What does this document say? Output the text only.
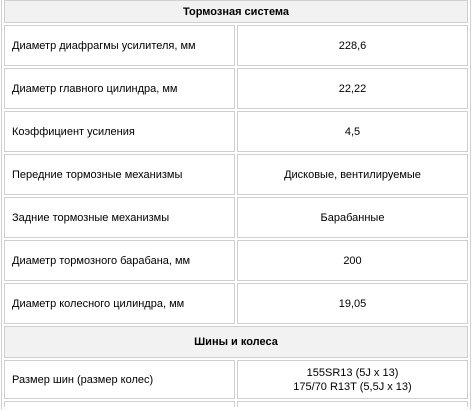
Тормозная система	
Диаметр диафрагмы усилителя, мм	228,6
Диаметр главного цилиндра, мм	22,22
Коэффициент усиления	4,5
Передние тормозные механизмы	Дисковые, вентилируемые
Задние тормозные механизмы	Барабанные
Диаметр тормозного барабана, мм	200
Диаметр колесного цилиндра, мм	19,05
Шины и колеса	
Размер шин (размер колес)	155SR13 (5J x 13)
175/70 R13T (5,5J x 13)
